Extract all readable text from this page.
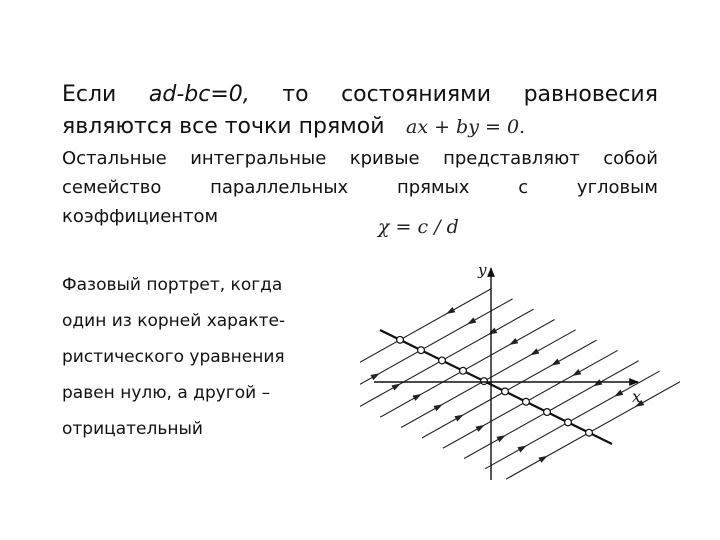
Если ad-bc=0, то состояниями равновесия
являются все точки прямой ax + by = 0.
Остальные интегральные кривые представляют собой
семейство	параллельных	прямых	с	угловым
коэффициентом	χ = c / d
Фазовый портрет, когда
один из корней характе-
ристического уравнения
равен нулю, а другой –
отрицательный
x
y
